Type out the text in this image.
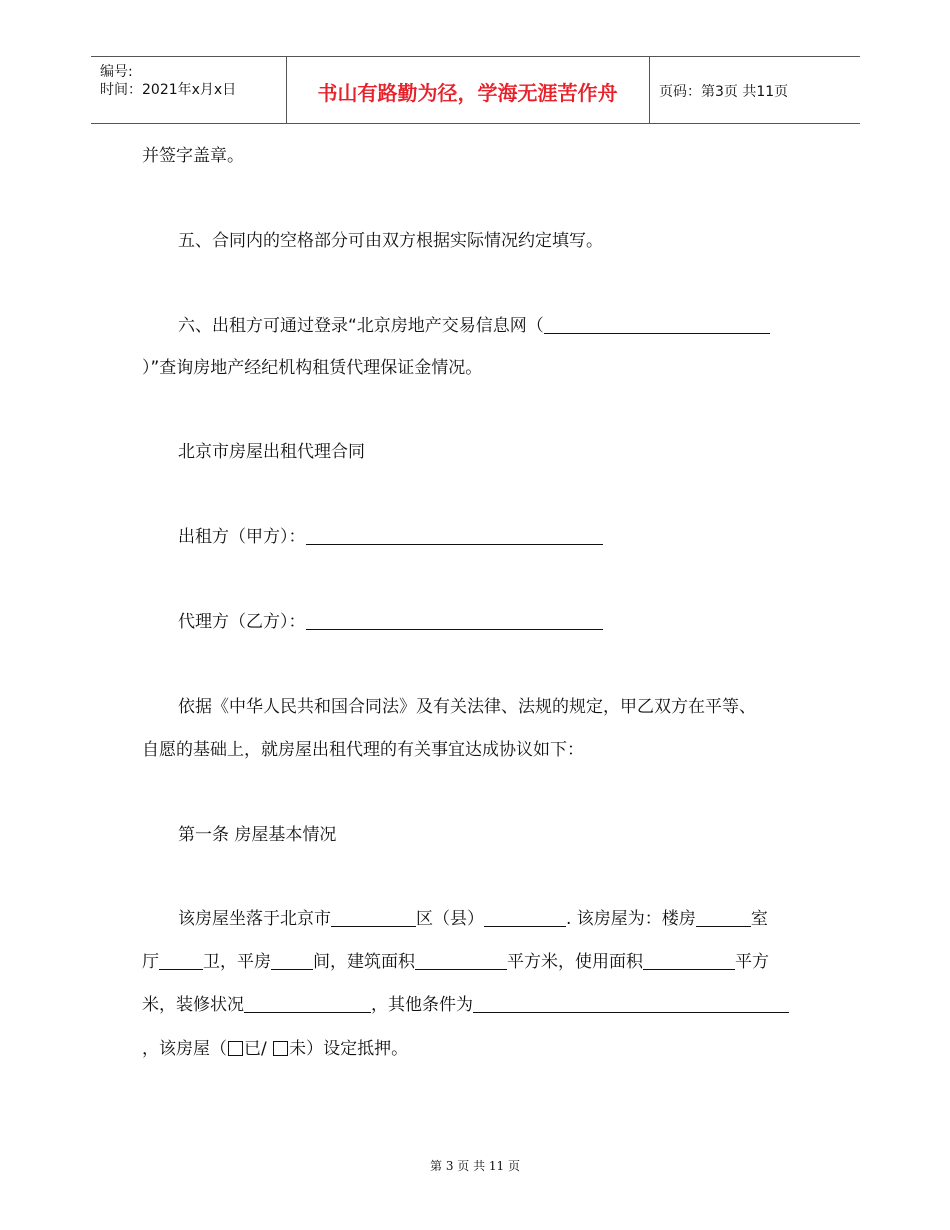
编号:
时间：2021年x月x日	书山有路勤为径，学海无涯苦作舟	页码：第3页 共11页
并签字盖章。
五、合同内的空格部分可由双方根据实际情况约定填写。
六、出租方可通过登录“北京房地产交易信息网（
）”查询房地产经纪机构租赁代理保证金情况。
北京市房屋出租代理合同
出租方（甲方）：
代理方（乙方）：
依据《中华人民共和国合同法》及有关法律、法规的规定，甲乙双方在平等、
自愿的基础上，就房屋出租代理的有关事宜达成协议如下：
第一条 房屋基本情况
该房屋坐落于北京市	区（县）	. 该房屋为：楼房	室
厅	卫，平房 间，建筑面积	平方米，使用面积	平方
米，装修状况	，其他条件为
，该房屋（ 已/ 未）设定抵押。
第 3 页 共 11 页
